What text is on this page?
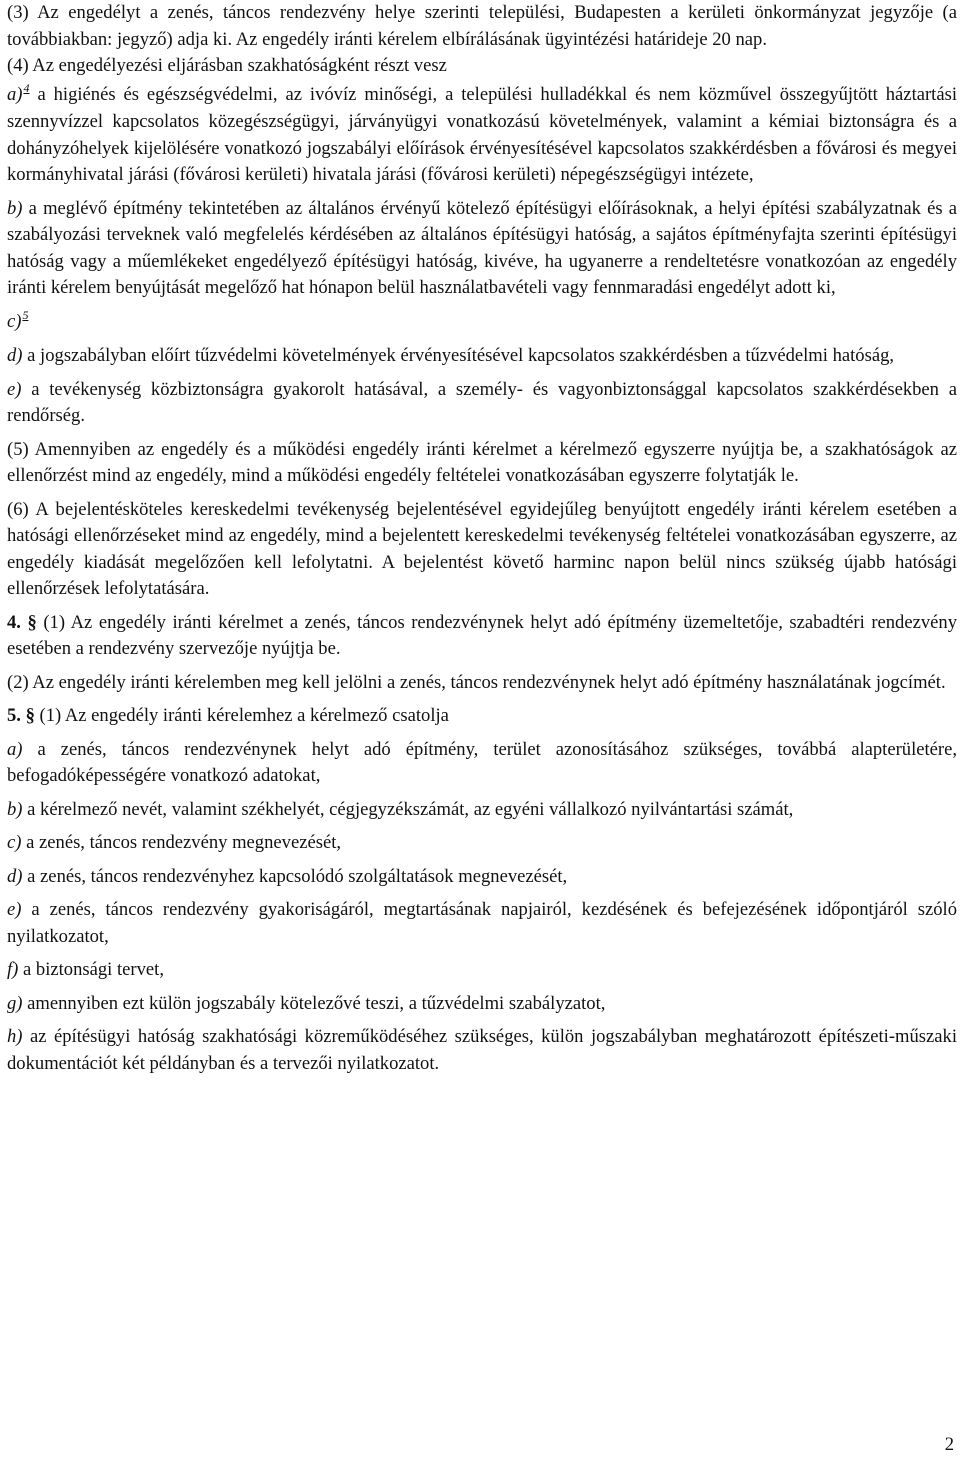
(3) Az engedélyt a zenés, táncos rendezvény helye szerinti települési, Budapesten a kerületi önkormányzat jegyzője (a továbbiakban: jegyző) adja ki. Az engedély iránti kérelem elbírálásának ügyintézési határideje 20 nap.

(4) Az engedélyezési eljárásban szakhatóságként részt vesz

a)$^4$ a higiénés és egészségvédelmi, az ivóvíz minőségi, a települési hulladékkal és nem közművel összegyűjtött háztartási szennyvízzel kapcsolatos közegészségügyi, járványügyi vonatkozású követelmények, valamint a kémiai biztonságra és a dohányzóhelyek kijelölésére vonatkozó jogszabályi előírások érvényesítésével kapcsolatos szakkérdésben a fővárosi és megyei kormányhivatal járási (fővárosi kerületi) hivatala járási (fővárosi kerületi) népegészségügyi intézete,

b) a meglévő építmény tekintetében az általános érvényű kötelező építésügyi előírásoknak, a helyi építési szabályzatnak és a szabályozási terveknek való megfelelés kérdésében az általános építésügyi hatóság, a sajátos építményfajta szerinti építésügyi hatóság vagy a műemlékeket engedélyező építésügyi hatóság, kivéve, ha ugyanerre a rendeltetésre vonatkozóan az engedély iránti kérelem benyújtását megelőző hat hónapon belül használatbavételi vagy fennmaradási engedélyt adott ki,

c)$^5$

d) a jogszabályban előírt tűzvédelmi követelmények érvényesítésével kapcsolatos szakkérdésben a tűzvédelmi hatóság,

e) a tevékenység közbiztonságra gyakorolt hatásával, a személy- és vagyonbiztonsággal kapcsolatos szakkérdésekben a rendőrség.

(5) Amennyiben az engedély és a működési engedély iránti kérelmet a kérelmező egyszerre nyújtja be, a szakhatóságok az ellenőrzést mind az engedély, mind a működési engedély feltételei vonatkozásában egyszerre folytatják le.

(6) A bejelentésköteles kereskedelmi tevékenység bejelentésével egyidejűleg benyújtott engedély iránti kérelem esetében a hatósági ellenőrzéseket mind az engedély, mind a bejelentett kereskedelmi tevékenység feltételei vonatkozásában egyszerre, az engedély kiadását megelőzően kell lefolytatni. A bejelentést követő harminc napon belül nincs szükség újabb hatósági ellenőrzések lefolytatására.

4. § (1) Az engedély iránti kérelmet a zenés, táncos rendezvénynek helyt adó építmény üzemeltetője, szabadtéri rendezvény esetében a rendezvény szervezője nyújtja be.

(2) Az engedély iránti kérelemben meg kell jelölni a zenés, táncos rendezvénynek helyt adó építmény használatának jogcímét.

5. § (1) Az engedély iránti kérelemhez a kérelmező csatolja

a) a zenés, táncos rendezvénynek helyt adó építmény, terület azonosításához szükséges, továbbá alapterületére, befogadóképességére vonatkozó adatokat,

b) a kérelmező nevét, valamint székhelyét, cégjegyzékszámát, az egyéni vállalkozó nyilvántartási számát,

c) a zenés, táncos rendezvény megnevezését,

d) a zenés, táncos rendezvényhez kapcsolódó szolgáltatások megnevezését,

e) a zenés, táncos rendezvény gyakoriságáról, megtartásának napjairól, kezdésének és befejezésének időpontjáról szóló nyilatkozatot,

f) a biztonsági tervet,

g) amennyiben ezt külön jogszabály kötelezővé teszi, a tűzvédelmi szabályzatot,

h) az építésügyi hatóság szakhatósági közreműködéséhez szükséges, külön jogszabályban meghatározott építészeti-műszaki dokumentációt két példányban és a tervezői nyilatkozatot.

2
